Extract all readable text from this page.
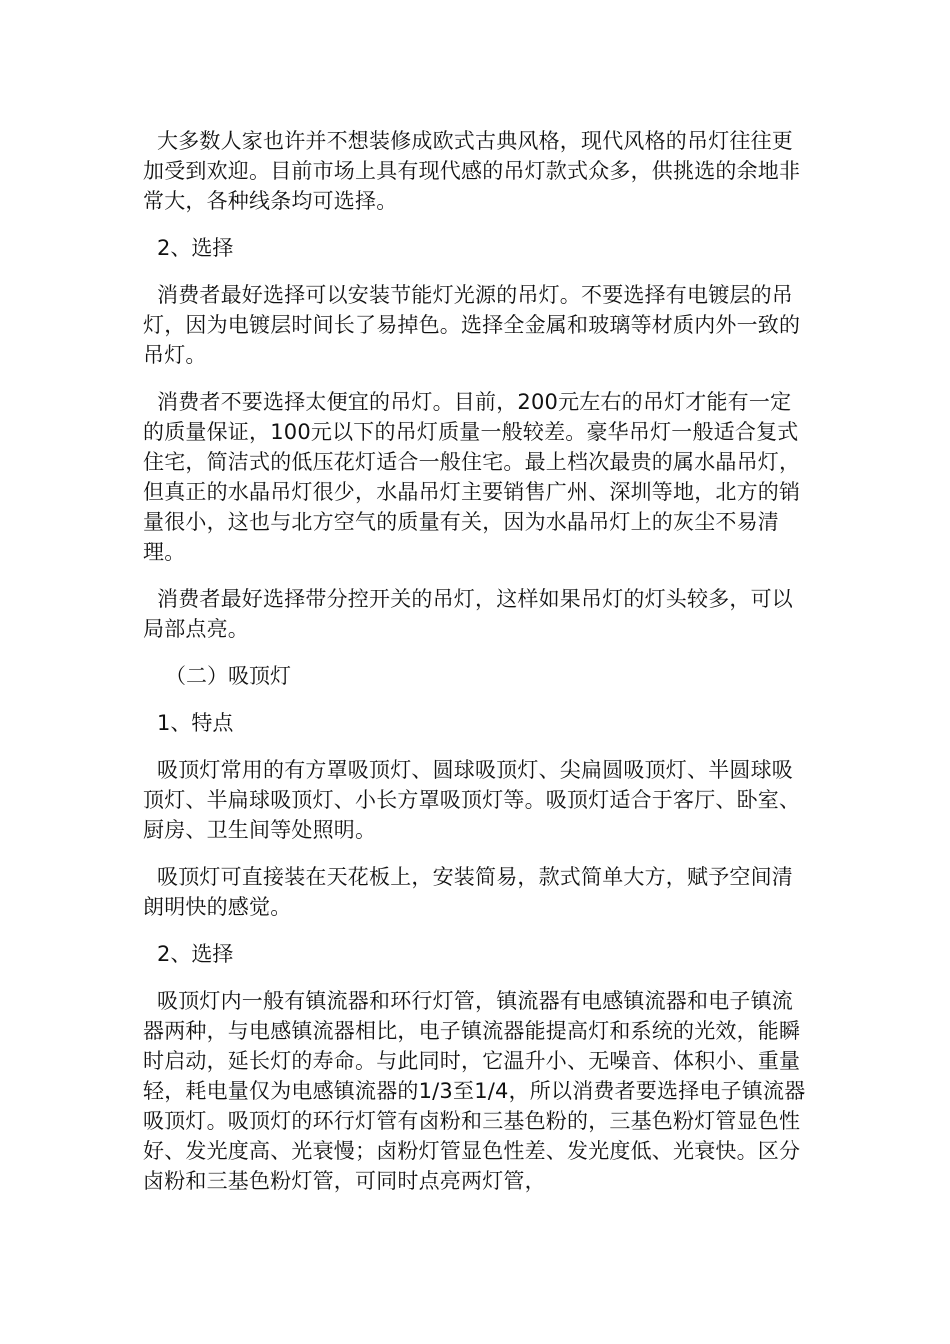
大多数人家也许并不想装修成欧式古典风格，现代风格的吊灯往往更加受到欢迎。目前市场上具有现代感的吊灯款式众多，供挑选的余地非常大，各种线条均可选择。

2、选择

消费者最好选择可以安装节能灯光源的吊灯。不要选择有电镀层的吊灯，因为电镀层时间长了易掉色。选择全金属和玻璃等材质内外一致的吊灯。

消费者不要选择太便宜的吊灯。目前，200元左右的吊灯才能有一定的质量保证，100元以下的吊灯质量一般较差。豪华吊灯一般适合复式住宅，简洁式的低压花灯适合一般住宅。最上档次最贵的属水晶吊灯，但真正的水晶吊灯很少，水晶吊灯主要销售广州、深圳等地，北方的销量很小，这也与北方空气的质量有关，因为水晶吊灯上的灰尘不易清理。

消费者最好选择带分控开关的吊灯，这样如果吊灯的灯头较多，可以局部点亮。

（二）吸顶灯

1、特点

吸顶灯常用的有方罩吸顶灯、圆球吸顶灯、尖扁圆吸顶灯、半圆球吸顶灯、半扁球吸顶灯、小长方罩吸顶灯等。吸顶灯适合于客厅、卧室、厨房、卫生间等处照明。

吸顶灯可直接装在天花板上，安装简易，款式简单大方，赋予空间清朗明快的感觉。

2、选择

吸顶灯内一般有镇流器和环行灯管，镇流器有电感镇流器和电子镇流器两种，与电感镇流器相比，电子镇流器能提高灯和系统的光效，能瞬时启动，延长灯的寿命。与此同时，它温升小、无噪音、体积小、重量轻，耗电量仅为电感镇流器的1/3至1/4，所以消费者要选择电子镇流器吸顶灯。吸顶灯的环行灯管有卤粉和三基色粉的，三基色粉灯管显色性好、发光度高、光衰慢；卤粉灯管显色性差、发光度低、光衰快。区分卤粉和三基色粉灯管，可同时点亮两灯管，
